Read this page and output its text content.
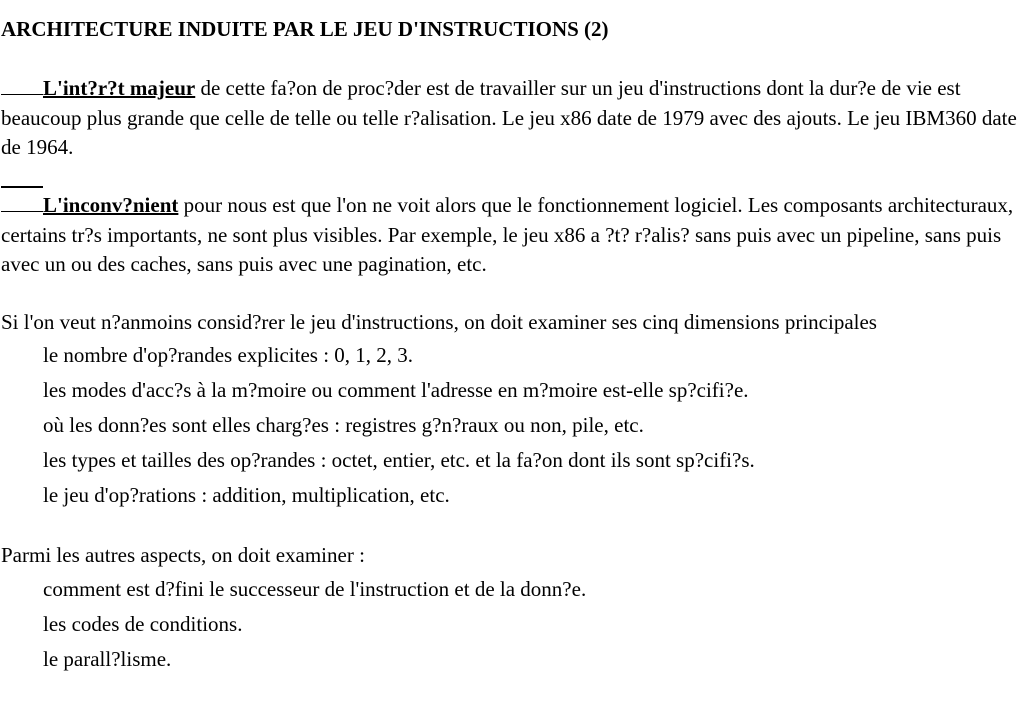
ARCHITECTURE INDUITE PAR LE JEU D'INSTRUCTIONS (2)
L'int?r?t majeur de cette fa?on de proc?der est de travailler sur un jeu d'instructions dont la dur?e de vie est beaucoup plus grande que celle de telle ou telle r?alisation. Le jeu x86 date de 1979 avec des ajouts. Le jeu IBM360 date de 1964.
L'inconv?nient pour nous est que l'on ne voit alors que le fonctionnement logiciel. Les composants architecturaux, certains tr?s importants, ne sont plus visibles. Par exemple, le jeu x86 a ?t? r?alis? sans puis avec un pipeline, sans puis avec un ou des caches, sans puis avec une pagination, etc.
Si l'on veut n?anmoins consid?rer le jeu d'instructions, on doit examiner ses cinq dimensions principales
le nombre d'op?randes explicites : 0, 1, 2, 3.
les modes d'acc?s à la m?moire ou comment l'adresse en m?moire est-elle sp?cifi?e.
où les donn?es sont elles charg?es : registres g?n?raux ou non, pile, etc.
les types et tailles des op?randes : octet, entier, etc. et la fa?on dont ils sont sp?cifi?s.
le jeu d'op?rations : addition, multiplication, etc.
Parmi les autres aspects, on doit examiner :
comment est d?fini le successeur de l'instruction et de la donn?e.
les codes de conditions.
le parall?lisme.
